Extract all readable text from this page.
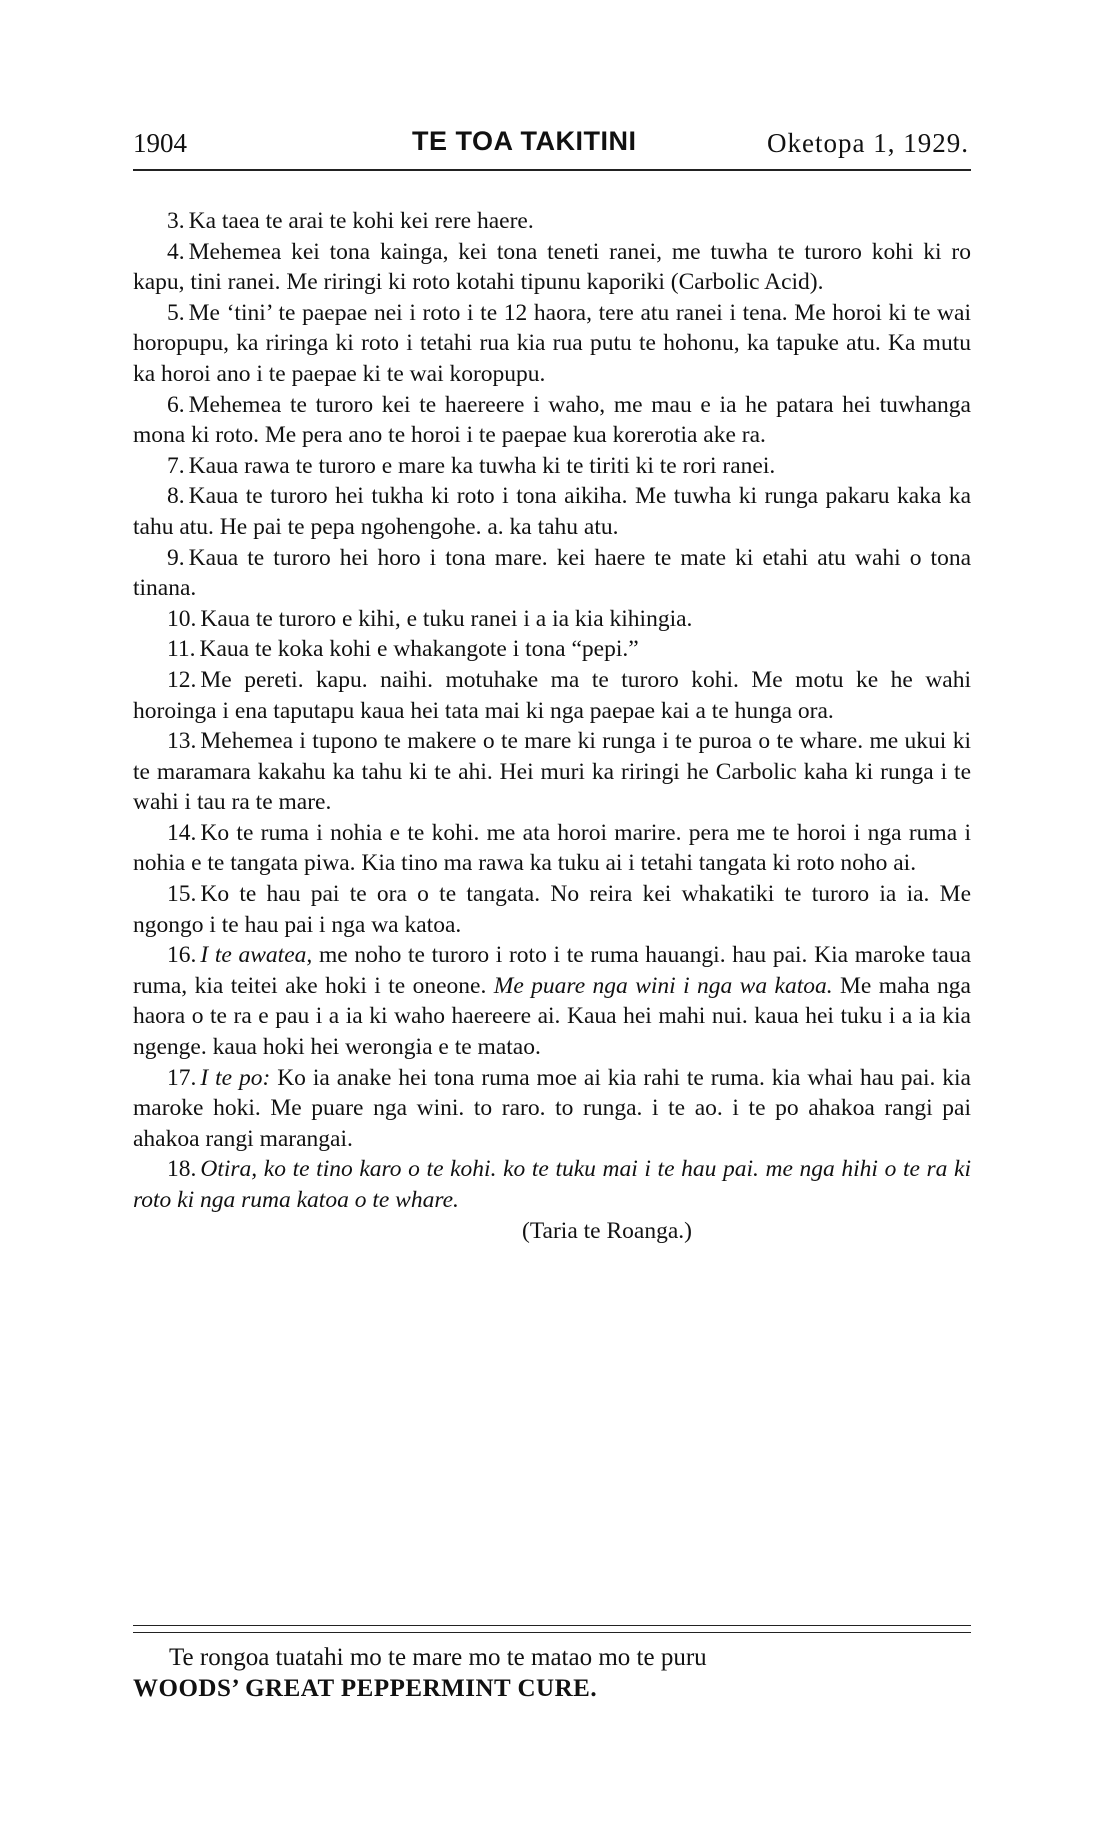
1904	TE TOA TAKITINI	Oketopa 1, 1929.

3. Ka taea te arai te kohi kei rere haere.

4. Mehemea kei tona kainga, kei tona teneti ranei, me tuwha te turoro kohi ki ro kapu, tini ranei. Me riringi ki roto kotahi tipunu kaporiki (Carbolic Acid).

5. Me ‘tini’ te paepae nei i roto i te 12 haora, tere atu ranei i tena. Me horoi ki te wai horopupu, ka riringa ki roto i tetahi rua kia rua putu te hohonu, ka tapuke atu. Ka mutu ka horoi ano i te paepae ki te wai koropupu.

6. Mehemea te turoro kei te haereere i waho, me mau e ia he patara hei tuwhanga mona ki roto. Me pera ano te horoi i te paepae kua korerotia ake ra.

7. Kaua rawa te turoro e mare ka tuwha ki te tiriti ki te rori ranei.

8. Kaua te turoro hei tukha ki roto i tona aikiha. Me tuwha ki runga pakaru kaka ka tahu atu. He pai te pepa ngohengohe. a. ka tahu atu.

9. Kaua te turoro hei horo i tona mare. kei haere te mate ki etahi atu wahi o tona tinana.

10. Kaua te turoro e kihi, e tuku ranei i a ia kia kihingia.

11. Kaua te koka kohi e whakangote i tona “pepi.”

12. Me pereti. kapu. naihi. motuhake ma te turoro kohi. Me motu ke he wahi horoinga i ena taputapu kaua hei tata mai ki nga paepae kai a te hunga ora.

13. Mehemea i tupono te makere o te mare ki runga i te puroa o te whare. me ukui ki te maramara kakahu ka tahu ki te ahi. Hei muri ka riringi he Carbolic kaha ki runga i te wahi i tau ra te mare.

14. Ko te ruma i nohia e te kohi. me ata horoi marire. pera me te horoi i nga ruma i nohia e te tangata piwa. Kia tino ma rawa ka tuku ai i tetahi tangata ki roto noho ai.

15. Ko te hau pai te ora o te tangata. No reira kei whakatiki te turoro ia ia. Me ngongo i te hau pai i nga wa katoa.

16. I te awatea, me noho te turoro i roto i te ruma hauangi. hau pai. Kia maroke taua ruma, kia teitei ake hoki i te oneone. Me puare nga wini i nga wa katoa. Me maha nga haora o te ra e pau i a ia ki waho haereere ai. Kaua hei mahi nui. kaua hei tuku i a ia kia ngenge. kaua hoki hei werongia e te matao.

17. I te po: Ko ia anake hei tona ruma moe ai kia rahi te ruma. kia whai hau pai. kia maroke hoki. Me puare nga wini. to raro. to runga. i te ao. i te po ahakoa rangi pai ahakoa rangi marangai.

18. Otira, ko te tino karo o te kohi. ko te tuku mai i te hau pai. me nga hihi o te ra ki roto ki nga ruma katoa o te whare.

(Taria te Roanga.)

Te rongoa tuatahi mo te mare mo te matao mo te puru

WOODS’ GREAT PEPPERMINT CURE.
